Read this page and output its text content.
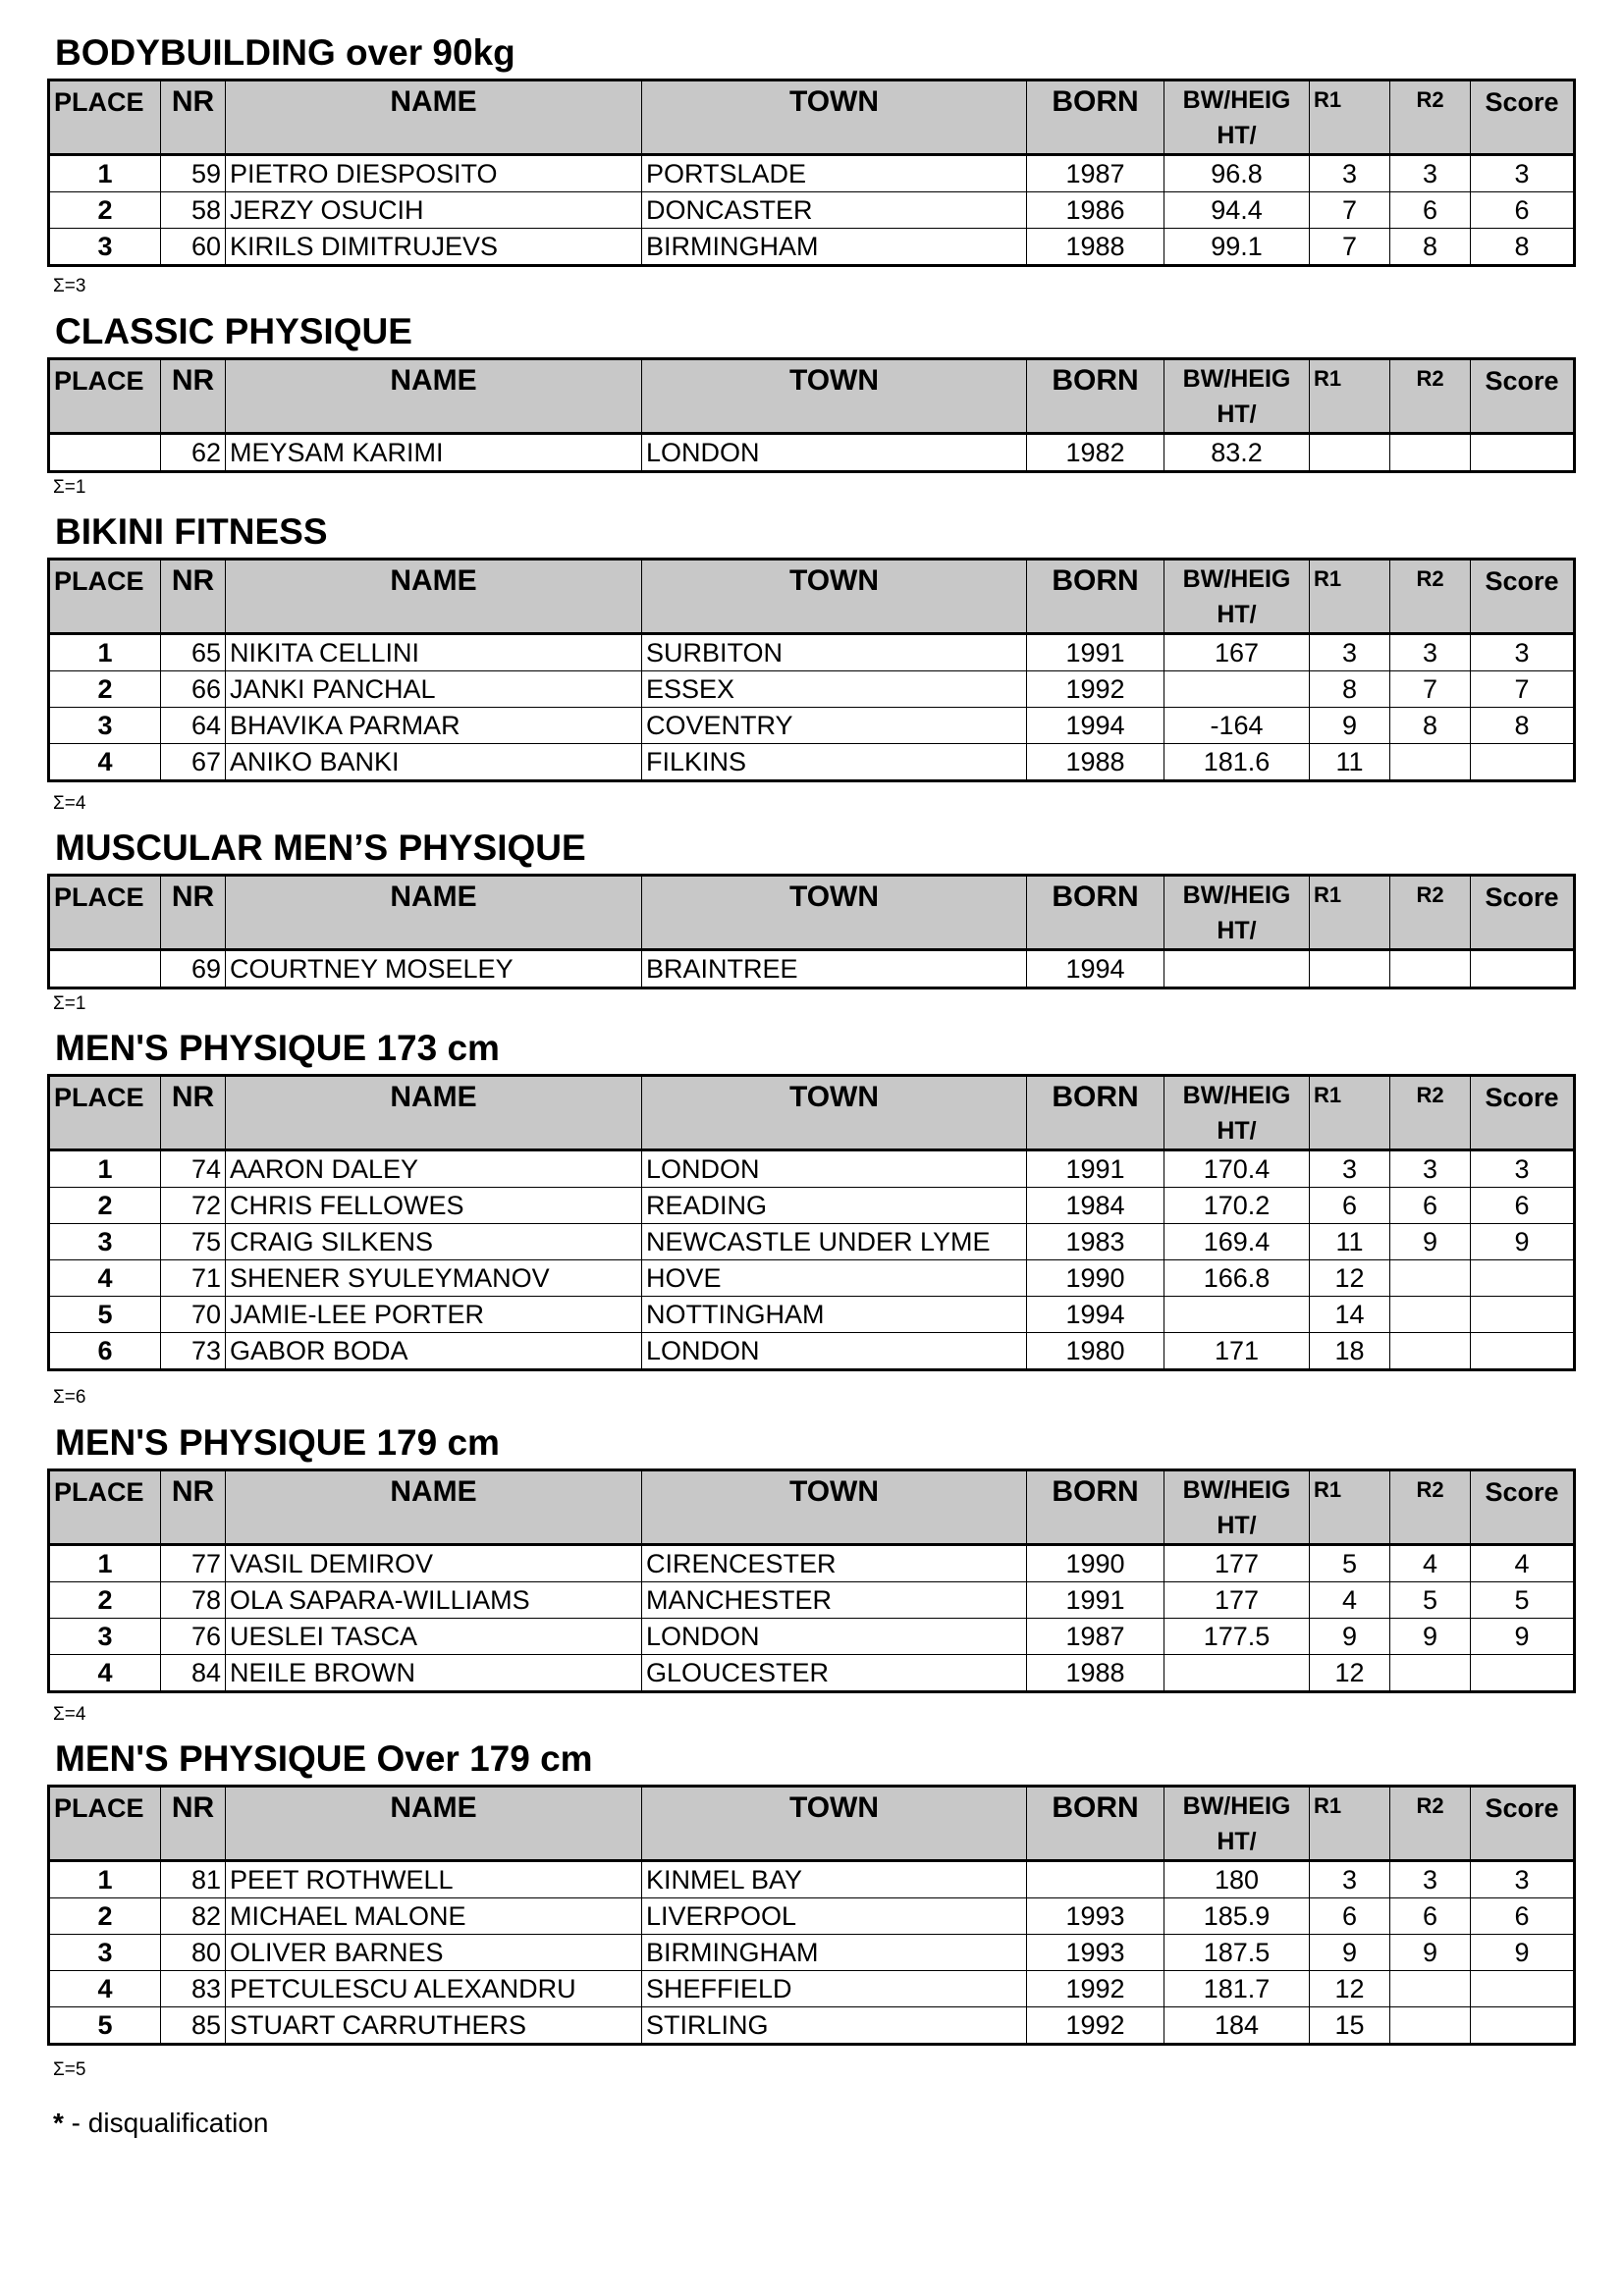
BODYBUILDING over 90kg
PLACE	NR	NAME	TOWN	BORN	BW/HEIG
HT/	R1	R2	Score

1	59	PIETRO DIESPOSITO	PORTSLADE	1987	96.8	3	3	3
2	58	JERZY OSUCIH	DONCASTER	1986	94.4	7	6	6
3	60	KIRILS DIMITRUJEVS	BIRMINGHAM	1988	99.1	7	8	8
Σ=3
CLASSIC PHYSIQUE
PLACE	NR	NAME	TOWN	BORN	BW/HEIG
HT/	R1	R2	Score

	62	MEYSAM KARIMI	LONDON	1982	83.2			
Σ=1
BIKINI FITNESS
PLACE	NR	NAME	TOWN	BORN	BW/HEIG
HT/	R1	R2	Score

1	65	NIKITA CELLINI	SURBITON	1991	167	3	3	3
2	66	JANKI PANCHAL	ESSEX	1992		8	7	7
3	64	BHAVIKA PARMAR	COVENTRY	1994	-164	9	8	8
4	67	ANIKO BANKI	FILKINS	1988	181.6	11		
Σ=4
MUSCULAR MEN’S PHYSIQUE
PLACE	NR	NAME	TOWN	BORN	BW/HEIG
HT/	R1	R2	Score

	69	COURTNEY MOSELEY	BRAINTREE	1994				
Σ=1
MEN'S PHYSIQUE 173 cm
PLACE	NR	NAME	TOWN	BORN	BW/HEIG
HT/	R1	R2	Score

1	74	AARON DALEY	LONDON	1991	170.4	3	3	3
2	72	CHRIS FELLOWES	READING	1984	170.2	6	6	6
3	75	CRAIG SILKENS	NEWCASTLE UNDER LYME	1983	169.4	11	9	9
4	71	SHENER SYULEYMANOV	HOVE	1990	166.8	12		
5	70	JAMIE-LEE PORTER	NOTTINGHAM	1994		14		
6	73	GABOR BODA	LONDON	1980	171	18		
Σ=6
MEN'S PHYSIQUE 179 cm
PLACE	NR	NAME	TOWN	BORN	BW/HEIG
HT/	R1	R2	Score

1	77	VASIL DEMIROV	CIRENCESTER	1990	177	5	4	4
2	78	OLA SAPARA-WILLIAMS	MANCHESTER	1991	177	4	5	5
3	76	UESLEI TASCA	LONDON	1987	177.5	9	9	9
4	84	NEILE BROWN	GLOUCESTER	1988		12		
Σ=4
MEN'S PHYSIQUE Over 179 cm
PLACE	NR	NAME	TOWN	BORN	BW/HEIG
HT/	R1	R2	Score

1	81	PEET ROTHWELL	KINMEL BAY		180	3	3	3
2	82	MICHAEL MALONE	LIVERPOOL	1993	185.9	6	6	6
3	80	OLIVER BARNES	BIRMINGHAM	1993	187.5	9	9	9
4	83	PETCULESCU ALEXANDRU	SHEFFIELD	1992	181.7	12		
5	85	STUART CARRUTHERS	STIRLING	1992	184	15		
Σ=5
* - disqualification
